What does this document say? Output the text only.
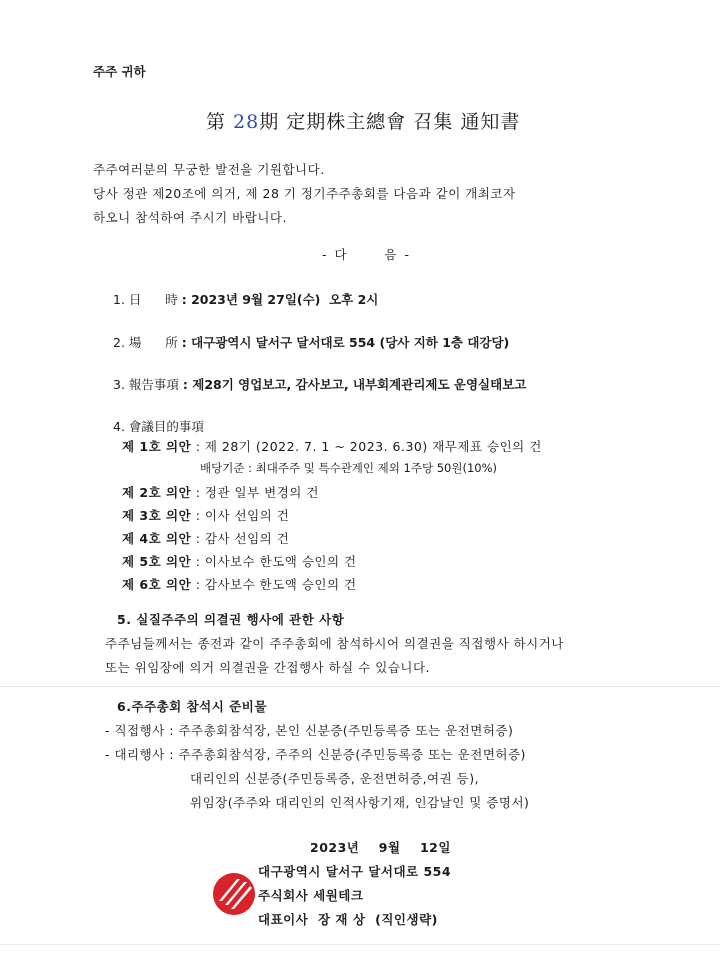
주주 귀하
第 28期 定期株主總會 召集 通知書
주주여러분의 무궁한 발전을 기원합니다.
당사 정관 제20조에 의거, 제 28 기 정기주주총회를 다음과 같이 개최코자
하오니 참석하여 주시기 바랍니다.
- 다      음 -
1. 日      時 : 2023년 9월 27일(수)  오후 2시
2. 場      所 : 대구광역시 달서구 달서대로 554 (당사 지하 1층 대강당)
3. 報告事項 : 제28기 영업보고, 감사보고, 내부회계관리제도 운영실태보고
4. 會議目的事項
제 1호 의안 : 제 28기 (2022. 7. 1 ~ 2023. 6.30) 재무제표 승인의 건
배당기준 : 최대주주 및 특수관계인 제외 1주당 50원(10%)
제 2호 의안 : 정관 일부 변경의 건
제 3호 의안 : 이사 선임의 건
제 4호 의안 : 감사 선임의 건
제 5호 의안 : 이사보수 한도액 승인의 건
제 6호 의안 : 감사보수 한도액 승인의 건
5. 실질주주의 의결권 행사에 관한 사항
주주님들께서는 종전과 같이 주주총회에 참석하시어 의결권을 직접행사 하시거나
또는 위임장에 의거 의결권을 간접행사 하실 수 있습니다.
6.주주총회 참석시 준비물
- 직접행사 : 주주총회참석장, 본인 신분증(주민등록증 또는 운전면허증)
- 대리행사 : 주주총회참석장, 주주의 신분증(주민등록증 또는 운전면허증)
대리인의 신분증(주민등록증, 운전면허증,여권 등),
위임장(주주와 대리인의 인적사항기재, 인감날인 및 증명서)
2023년    9월    12일
대구광역시 달서구 달서대로 554
주식회사 세원테크
대표이사  장 재 상  (직인생략)
